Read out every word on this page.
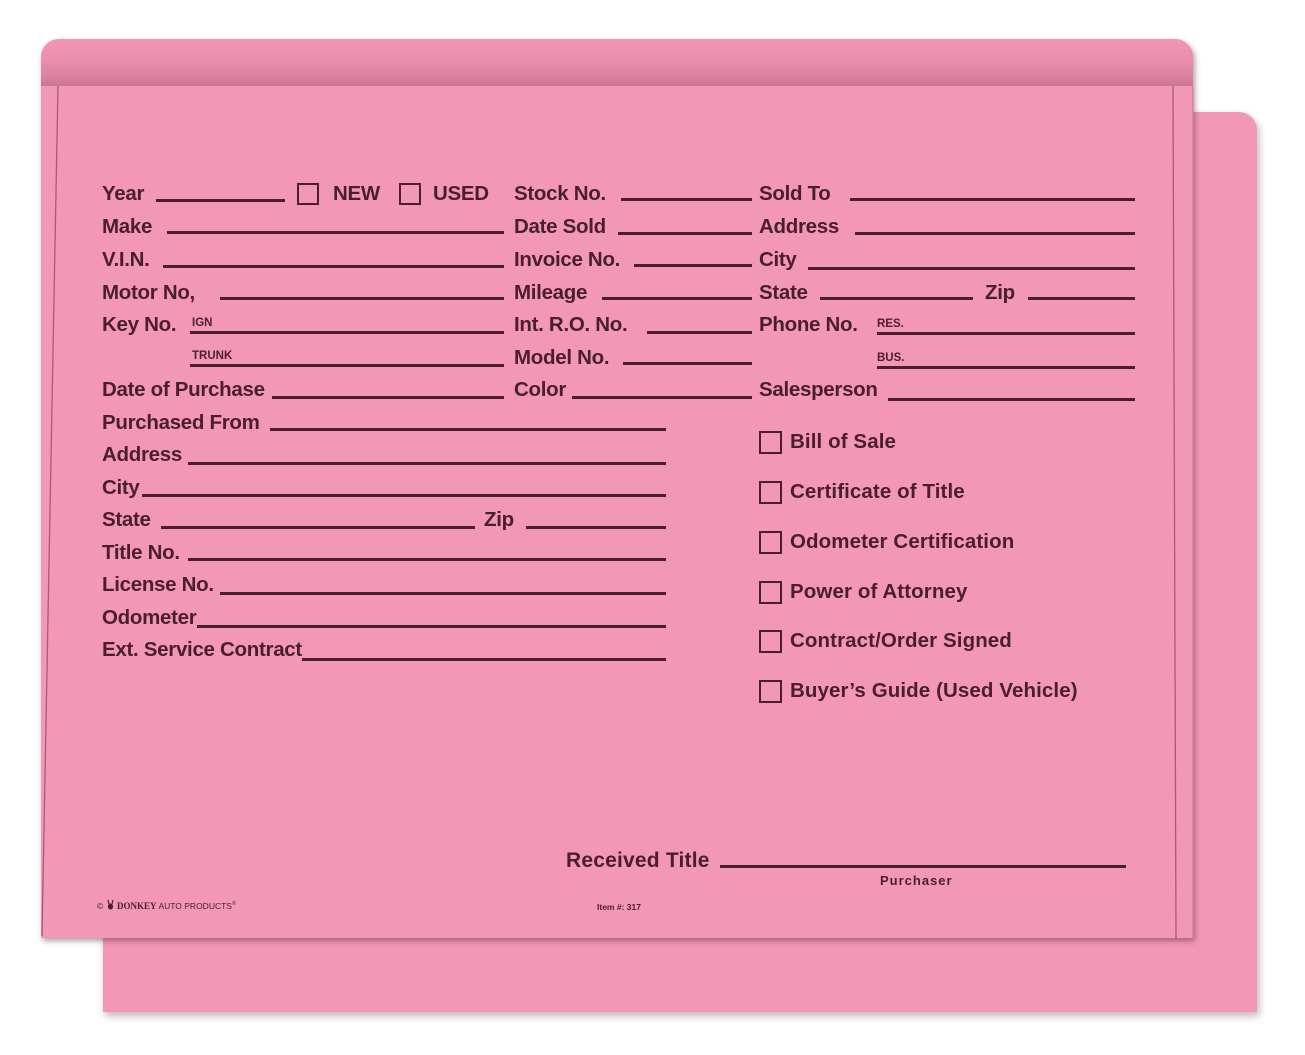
Year	NEW	USED Stock No.	Sold To
Make	Date Sold	Address
V.I.N.	Invoice No.	City
Motor No,	Mileage	State	Zip
Key No. IGN	Int. R.O. No.	Phone No. RES.
TRUNK	Model No.	BUS.
Date of Purchase	Color	Salesperson
Purchased From
Address
City
State	Zip
Title No.
License No.
Odometer
Ext. Service Contract
Bill of Sale
Certificate of Title
Odometer Certification
Power of Attorney
Contract/Order Signed
Buyer’s Guide (Used Vehicle)
Received Title
Purchaser
© DONKEY AUTO PRODUCTS®	Item #: 317
